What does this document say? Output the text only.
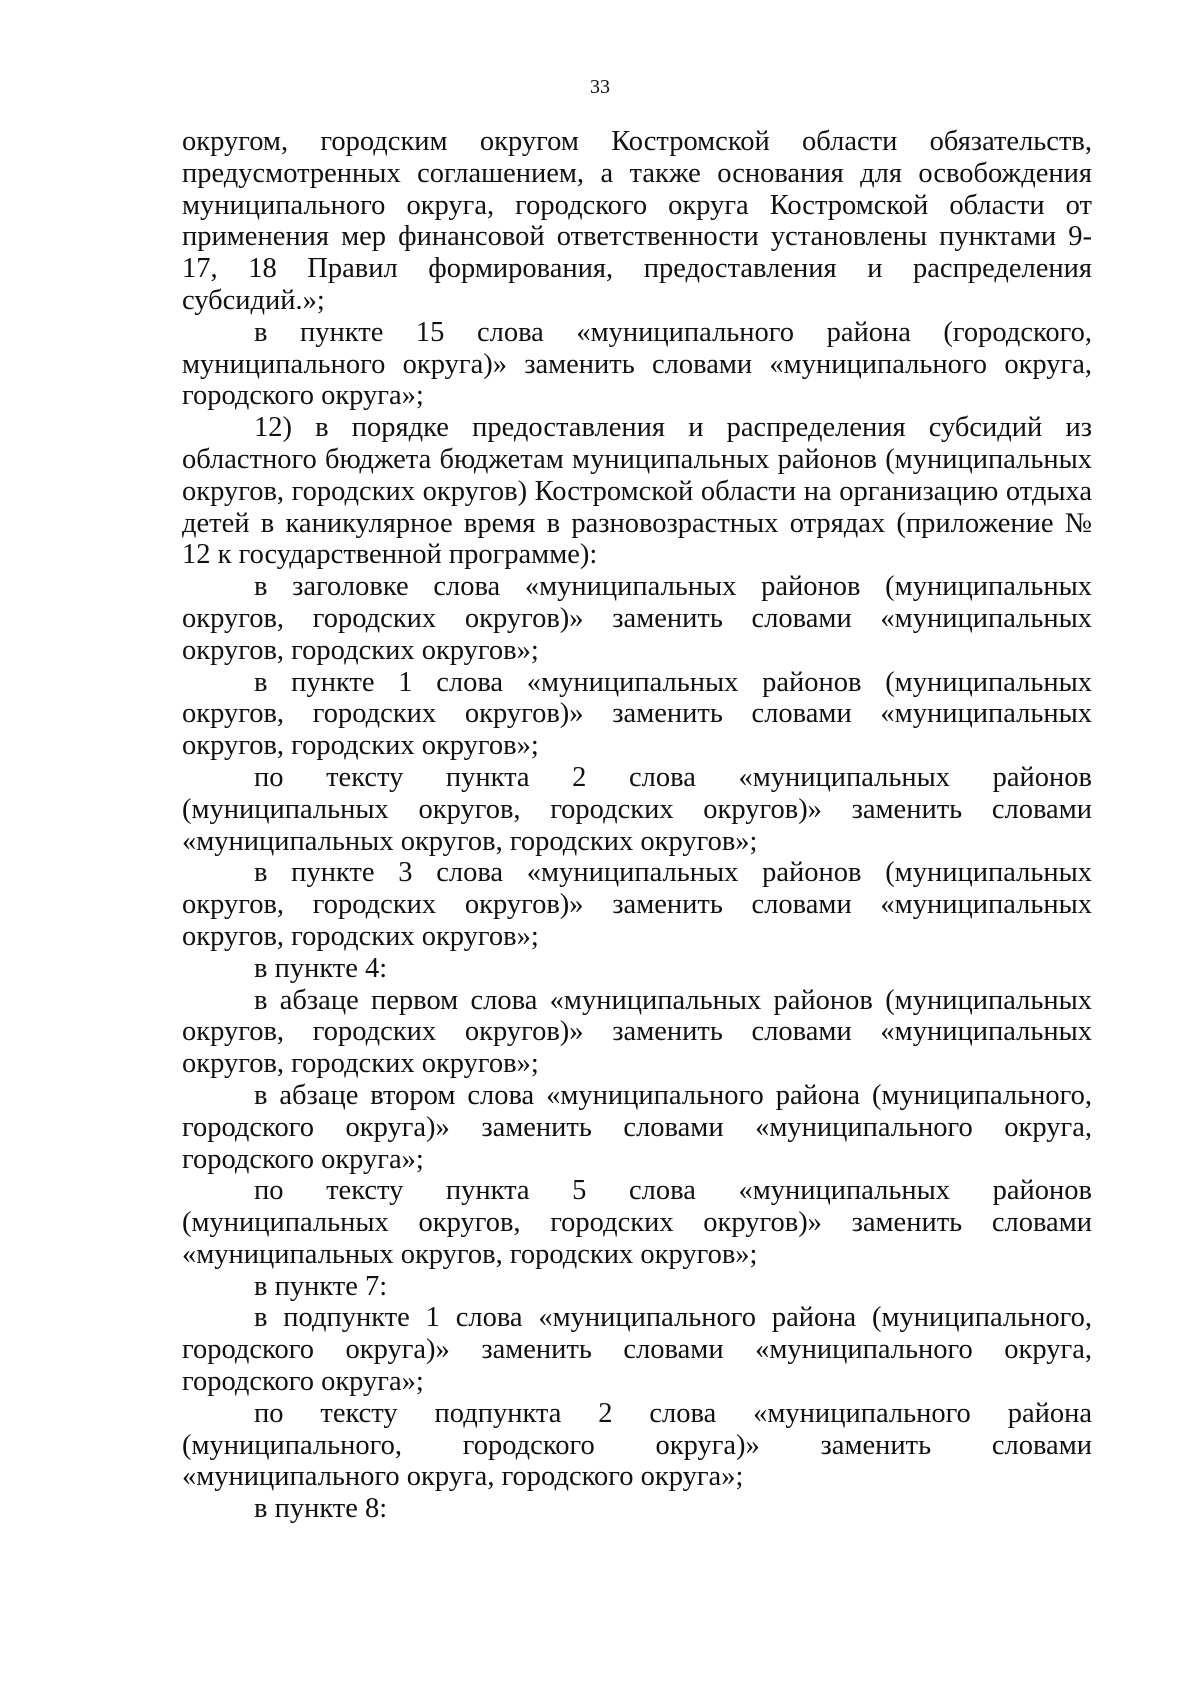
33

округом, городским округом Костромской области обязательств, предусмотренных соглашением, а также основания для освобождения муниципального округа, городского округа Костромской области от применения мер финансовой ответственности установлены пунктами 9-17, 18 Правил формирования, предоставления и распределения субсидий.»;

в пункте 15 слова «муниципального района (городского, муниципального округа)» заменить словами «муниципального округа, городского округа»;

12) в порядке предоставления и распределения субсидий из областного бюджета бюджетам муниципальных районов (муниципальных округов, городских округов) Костромской области на организацию отдыха детей в каникулярное время в разновозрастных отрядах (приложение № 12 к государственной программе):

в заголовке слова «муниципальных районов (муниципальных округов, городских округов)» заменить словами «муниципальных округов, городских округов»;

в пункте 1 слова «муниципальных районов (муниципальных округов, городских округов)» заменить словами «муниципальных округов, городских округов»;

по тексту пункта 2 слова «муниципальных районов (муниципальных округов, городских округов)» заменить словами «муниципальных округов, городских округов»;

в пункте 3 слова «муниципальных районов (муниципальных округов, городских округов)» заменить словами «муниципальных округов, городских округов»;

в пункте 4:

в абзаце первом слова «муниципальных районов (муниципальных округов, городских округов)» заменить словами «муниципальных округов, городских округов»;

в абзаце втором слова «муниципального района (муниципального, городского округа)» заменить словами «муниципального округа, городского округа»;

по тексту пункта 5 слова «муниципальных районов (муниципальных округов, городских округов)» заменить словами «муниципальных округов, городских округов»;

в пункте 7:

в подпункте 1 слова «муниципального района (муниципального, городского округа)» заменить словами «муниципального округа, городского округа»;

по тексту подпункта 2 слова «муниципального района (муниципального, городского округа)» заменить словами «муниципального округа, городского округа»;

в пункте 8:
